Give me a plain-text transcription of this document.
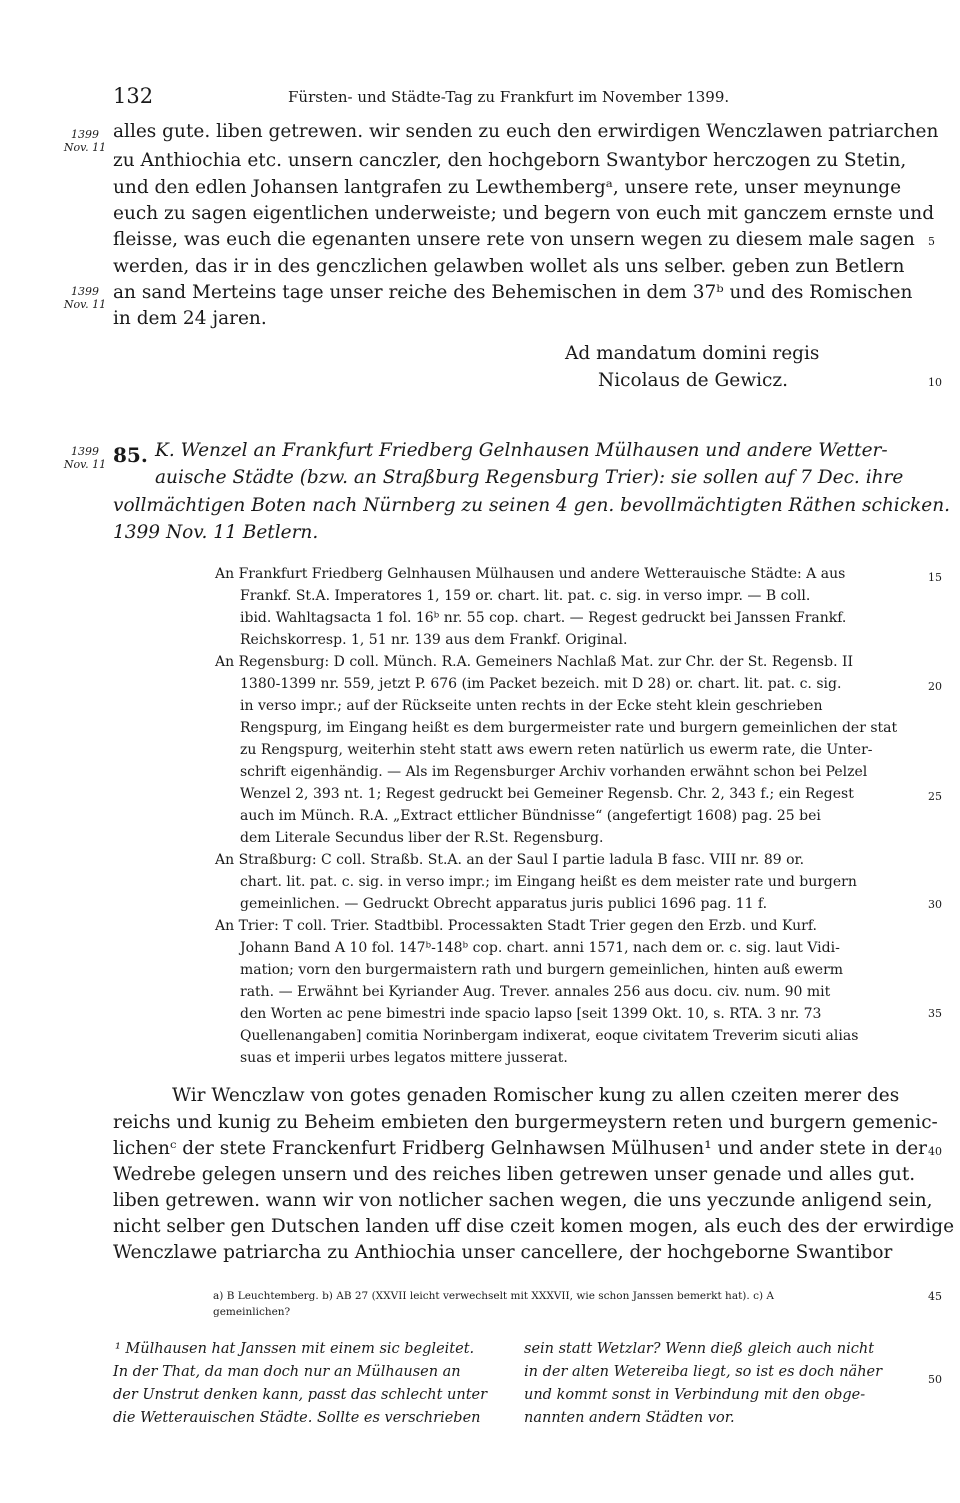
132	Fürsten- und Städte-Tag zu Frankfurt im November 1399.
1399
Nov. 11
1399
Nov. 11
1399
Nov. 11
5
10
15
20
25
30
35
40
45
50
alles gute. liben getrewen. wir senden zu euch den erwirdigen Wenczlawen patriarchen
zu Anthiochia etc. unsern canczler, den hochgeborn Swantybor herczogen zu Stetin,
und den edlen Johansen lantgrafen zu Lewthembergᵃ, unsere rete, unser meynunge
euch zu sagen eigentlichen underweiste; und begern von euch mit ganczem ernste und
fleisse, was euch die egenanten unsere rete von unsern wegen zu diesem male sagen
werden, das ir in des genczlichen gelawben wollet als uns selber. geben zun Betlern
an sand Merteins tage unser reiche des Behemischen in dem 37ᵇ und des Romischen
in dem 24 jaren.
Ad mandatum domini regis
Nicolaus de Gewicz.
85. K. Wenzel an Frankfurt Friedberg Gelnhausen Mülhausen und andere Wetter-
auische Städte (bzw. an Straßburg Regensburg Trier): sie sollen auf 7 Dec. ihre
vollmächtigen Boten nach Nürnberg zu seinen 4 gen. bevollmächtigten Räthen schicken.
1399 Nov. 11 Betlern.
An Frankfurt Friedberg Gelnhausen Mülhausen und andere Wetterauische Städte: A aus
Frankf. St.A. Imperatores 1, 159 or. chart. lit. pat. c. sig. in verso impr. — B coll.
ibid. Wahltagsacta 1 fol. 16ᵇ nr. 55 cop. chart. — Regest gedruckt bei Janssen Frankf.
Reichskorresp. 1, 51 nr. 139 aus dem Frankf. Original.
An Regensburg: D coll. Münch. R.A. Gemeiners Nachlaß Mat. zur Chr. der St. Regensb. II
1380-1399 nr. 559, jetzt P. 676 (im Packet bezeich. mit D 28) or. chart. lit. pat. c. sig.
in verso impr.; auf der Rückseite unten rechts in der Ecke steht klein geschrieben
Rengspurg, im Eingang heißt es dem burgermeister rate und burgern gemeinlichen der stat
zu Rengspurg, weiterhin steht statt aws ewern reten natürlich us ewerm rate, die Unter-
schrift eigenhändig. — Als im Regensburger Archiv vorhanden erwähnt schon bei Pelzel
Wenzel 2, 393 nt. 1; Regest gedruckt bei Gemeiner Regensb. Chr. 2, 343 f.; ein Regest
auch im Münch. R.A. „Extract ettlicher Bündnisse“ (angefertigt 1608) pag. 25 bei
dem Literale Secundus liber der R.St. Regensburg.
An Straßburg: C coll. Straßb. St.A. an der Saul I partie ladula B fasc. VIII nr. 89 or.
chart. lit. pat. c. sig. in verso impr.; im Eingang heißt es dem meister rate und burgern
gemeinlichen. — Gedruckt Obrecht apparatus juris publici 1696 pag. 11 f.
An Trier: T coll. Trier. Stadtbibl. Processakten Stadt Trier gegen den Erzb. und Kurf.
Johann Band A 10 fol. 147ᵇ-148ᵇ cop. chart. anni 1571, nach dem or. c. sig. laut Vidi-
mation; vorn den burgermaistern rath und burgern gemeinlichen, hinten auß ewerm
rath. — Erwähnt bei Kyriander Aug. Trever. annales 256 aus docu. civ. num. 90 mit
den Worten ac pene bimestri inde spacio lapso [seit 1399 Okt. 10, s. RTA. 3 nr. 73
Quellenangaben] comitia Norinbergam indixerat, eoque civitatem Treverim sicuti alias
suas et imperii urbes legatos mittere jusserat.
Wir Wenczlaw von gotes genaden Romischer kung zu allen czeiten merer des
reichs und kunig zu Beheim embieten den burgermeystern reten und burgern gemenic-
lichenᶜ der stete Franckenfurt Fridberg Gelnhawsen Mülhusen¹ und ander stete in der
Wedrebe gelegen unsern und des reiches liben getrewen unser genade und alles gut.
liben getrewen. wann wir von notlicher sachen wegen, die uns yeczunde anligend sein,
nicht selber gen Dutschen landen uff dise czeit komen mogen, als euch des der erwirdige
Wenczlawe patriarcha zu Anthiochia unser cancellere, der hochgeborne Swantibor
a) B Leuchtemberg. b) AB 27 (XXVII leicht verwechselt mit XXXVII, wie schon Janssen bemerkt hat). c) A
gemeinlichen?
¹ Mülhausen hat Janssen mit einem sic begleitet.
In der That, da man doch nur an Mülhausen an
der Unstrut denken kann, passt das schlecht unter
die Wetterauischen Städte. Sollte es verschrieben
sein statt Wetzlar? Wenn dieß gleich auch nicht
in der alten Wetereiba liegt, so ist es doch näher
und kommt sonst in Verbindung mit den obge-
nannten andern Städten vor.
